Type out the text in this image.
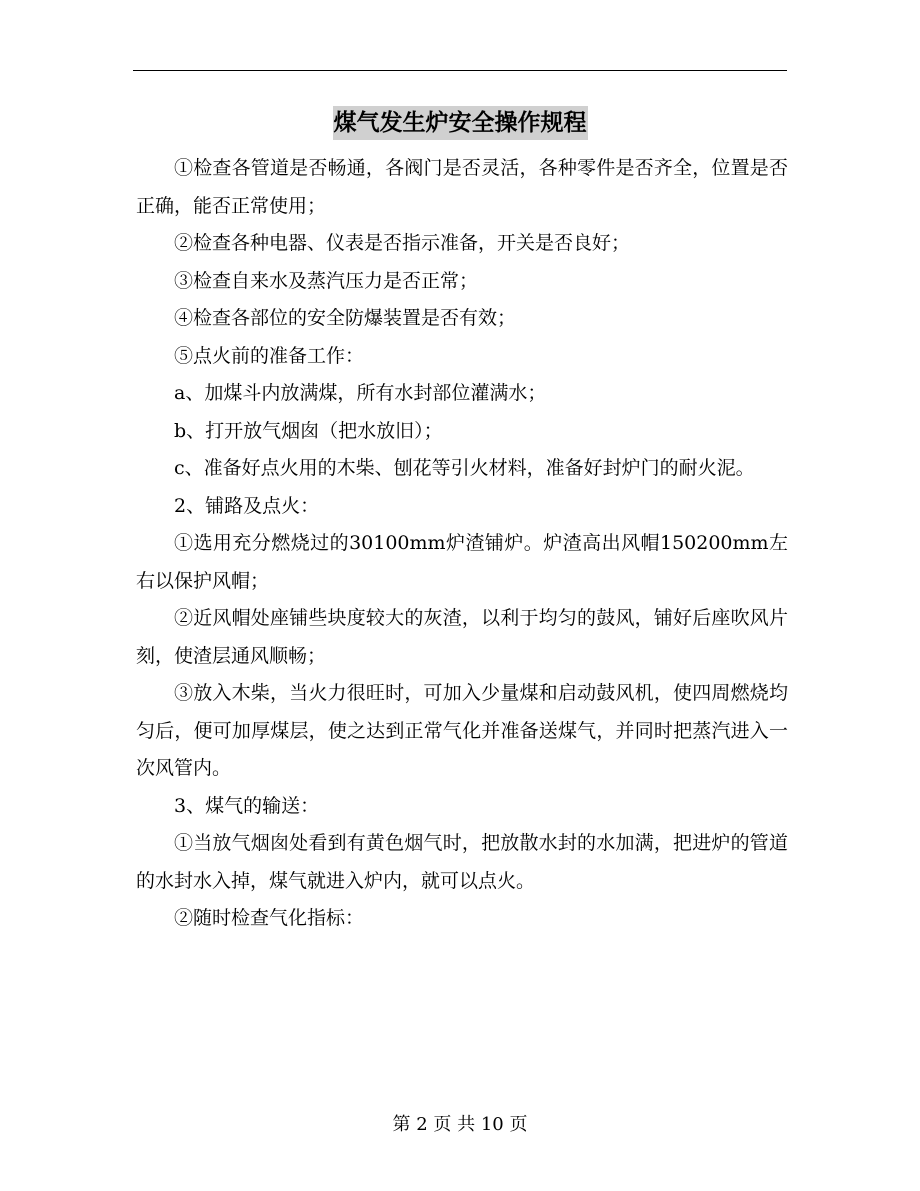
煤气发生炉安全操作规程

①检查各管道是否畅通，各阀门是否灵活，各种零件是否齐全，位置是否正确，能否正常使用；

②检查各种电器、仪表是否指示准备，开关是否良好；

③检查自来水及蒸汽压力是否正常；

④检查各部位的安全防爆装置是否有效；

⑤点火前的准备工作：

a、加煤斗内放满煤，所有水封部位灌满水；

b、打开放气烟囱（把水放旧）；

c、准备好点火用的木柴、刨花等引火材料，准备好封炉门的耐火泥。

2、铺路及点火：

①选用充分燃烧过的30100mm炉渣铺炉。炉渣高出风帽150200mm左右以保护风帽；

②近风帽处座铺些块度较大的灰渣，以利于均匀的鼓风，铺好后座吹风片刻，使渣层通风顺畅；

③放入木柴，当火力很旺时，可加入少量煤和启动鼓风机，使四周燃烧均匀后，便可加厚煤层，使之达到正常气化并准备送煤气，并同时把蒸汽进入一次风管内。

3、煤气的输送：

①当放气烟囱处看到有黄色烟气时，把放散水封的水加满，把进炉的管道的水封水入掉，煤气就进入炉内，就可以点火。

②随时检查气化指标：

第 2 页 共 10 页
